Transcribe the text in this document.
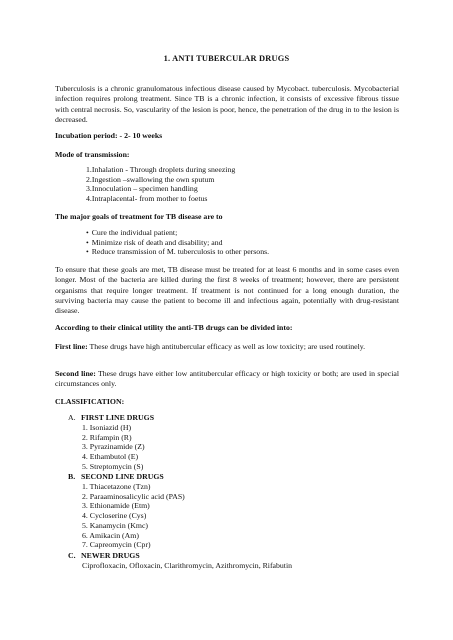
1. ANTI TUBERCULAR DRUGS
Tuberculosis is a chronic granulomatous infectious disease caused by Mycobact. tuberculosis. Mycobacterial infection requires prolong treatment. Since TB is a chronic infection, it consists of excessive fibrous tissue with central necrosis. So, vascularity of the lesion is poor, hence, the penetration of the drug in to the lesion is decreased.
Incubation period: - 2- 10 weeks
Mode of transmission:
1.Inhalation - Through droplets during sneezing
2.Ingestion –swallowing the own sputum
3.Innoculation – specimen handling
4.Intraplacental- from mother to foetus
The major goals of treatment for TB disease are to
• Cure the individual patient;
• Minimize risk of death and disability; and
• Reduce transmission of M. tuberculosis to other persons.
To ensure that these goals are met, TB disease must be treated for at least 6 months and in some cases even longer. Most of the bacteria are killed during the first 8 weeks of treatment; however, there are persistent organisms that require longer treatment. If treatment is not continued for a long enough duration, the surviving bacteria may cause the patient to become ill and infectious again, potentially with drug-resistant disease.
According to their clinical utility the anti-TB drugs can be divided into:
First line: These drugs have high antitubercular efficacy as well as low toxicity; are used routinely.
Second line: These drugs have either low antitubercular efficacy or high toxicity or both; are used in special circumstances only.
CLASSIFICATION:
A. FIRST LINE DRUGS
1. Isoniazid (H)
2. Rifampin (R)
3. Pyrazinamide (Z)
4. Ethambutol (E)
5. Streptomycin (S)
B. SECOND LINE DRUGS
1. Thiacetazone (Tzn)
2. Paraaminosalicylic acid (PAS)
3. Ethionamide (Etm)
4. Cycloserine (Cys)
5. Kanamycin (Kmc)
6. Amikacin (Am)
7. Capreomycin (Cpr)
C. NEWER DRUGS
Ciprofloxacin, Ofloxacin, Clarithromycin, Azithromycin, Rifabutin
